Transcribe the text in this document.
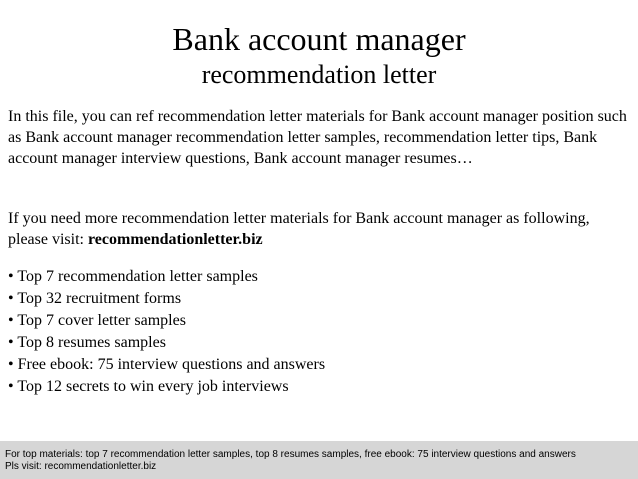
Bank account manager
recommendation letter

In this file, you can ref recommendation letter materials for Bank account manager position such as Bank account manager recommendation letter samples, recommendation letter tips, Bank account manager interview questions, Bank account manager resumes…

If you need more recommendation letter materials for Bank account manager as following, please visit: recommendationletter.biz

• Top 7 recommendation letter samples
• Top 32 recruitment forms
• Top 7 cover letter samples
• Top 8 resumes samples
• Free ebook: 75 interview questions and answers
• Top 12 secrets to win every job interviews
For top materials: top 7 recommendation letter samples, top 8 resumes samples, free ebook: 75 interview questions and answers
Pls visit: recommendationletter.biz
